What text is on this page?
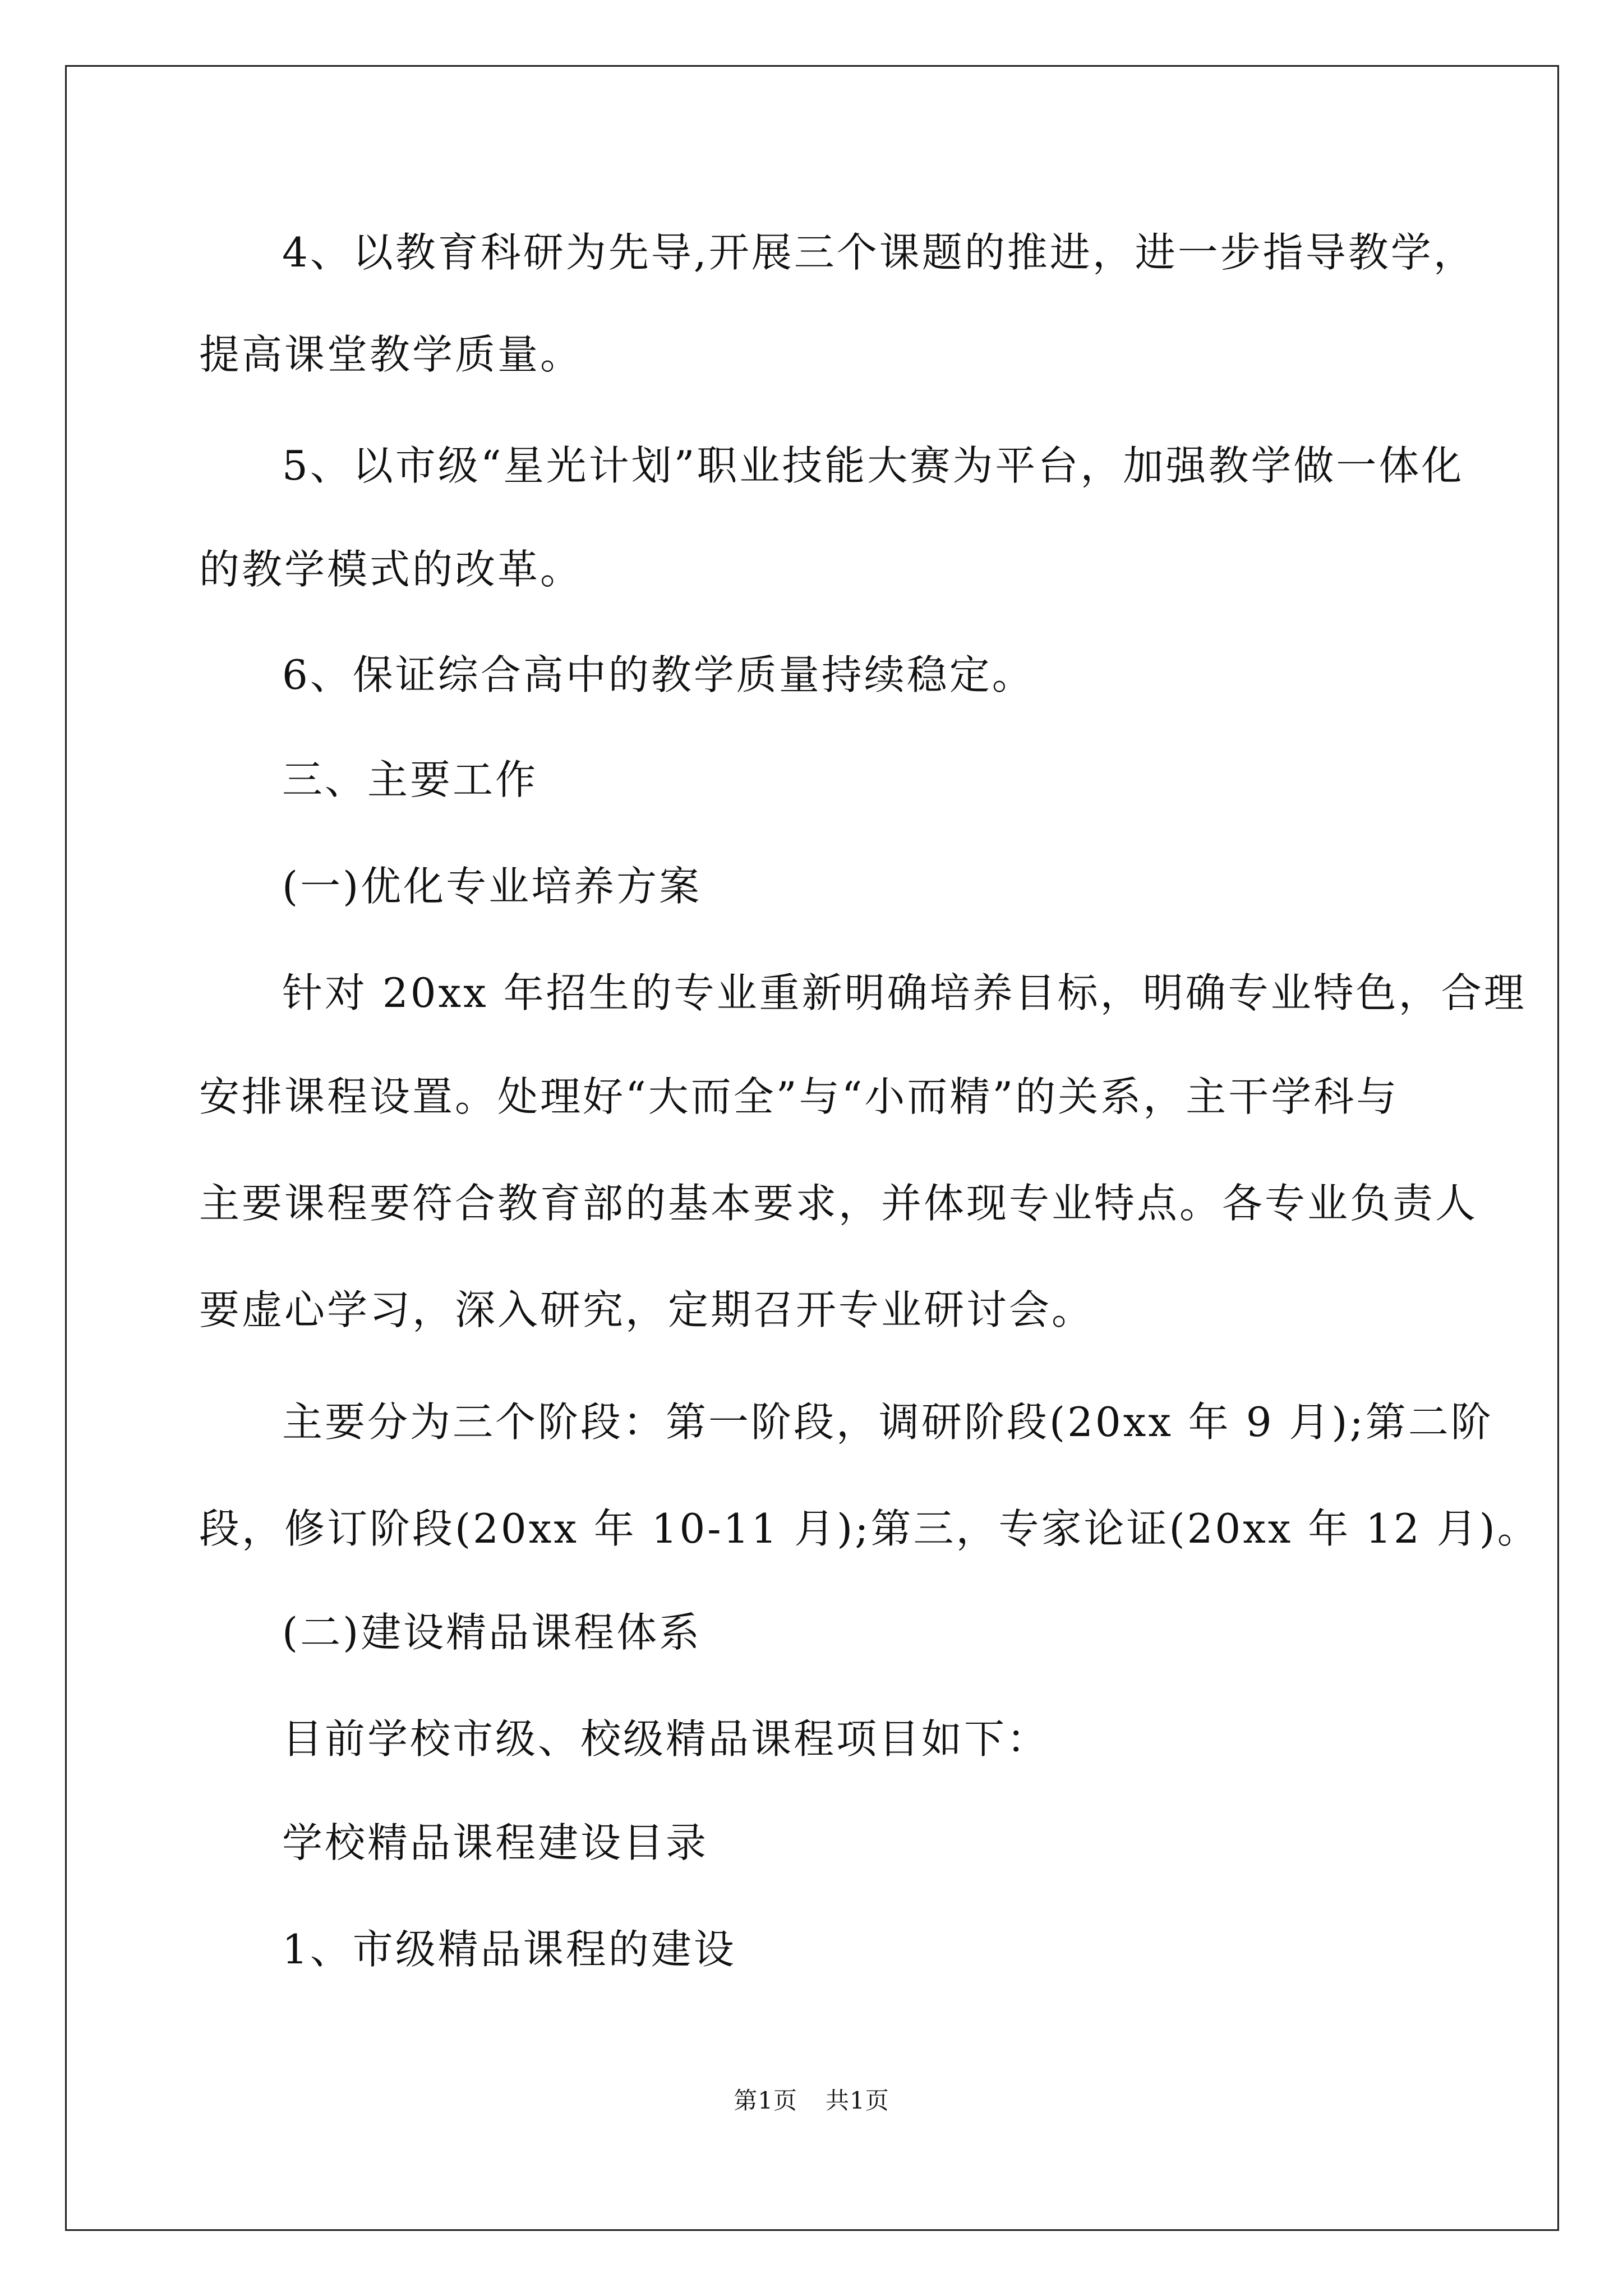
4、以教育科研为先导,开展三个课题的推进，进一步指导教学，
提高课堂教学质量。
5、以市级“星光计划”职业技能大赛为平台，加强教学做一体化
的教学模式的改革。
6、保证综合高中的教学质量持续稳定。
三、主要工作
(一)优化专业培养方案
针对 20xx 年招生的专业重新明确培养目标，明确专业特色，合理
安排课程设置。处理好“大而全”与“小而精”的关系，主干学科与
主要课程要符合教育部的基本要求，并体现专业特点。各专业负责人
要虚心学习，深入研究，定期召开专业研讨会。
主要分为三个阶段：第一阶段，调研阶段(20xx 年 9 月);第二阶
段，修订阶段(20xx 年 10-11 月);第三，专家论证(20xx 年 12 月)。
(二)建设精品课程体系
目前学校市级、校级精品课程项目如下：
学校精品课程建设目录
1、市级精品课程的建设
第1页 共1页
